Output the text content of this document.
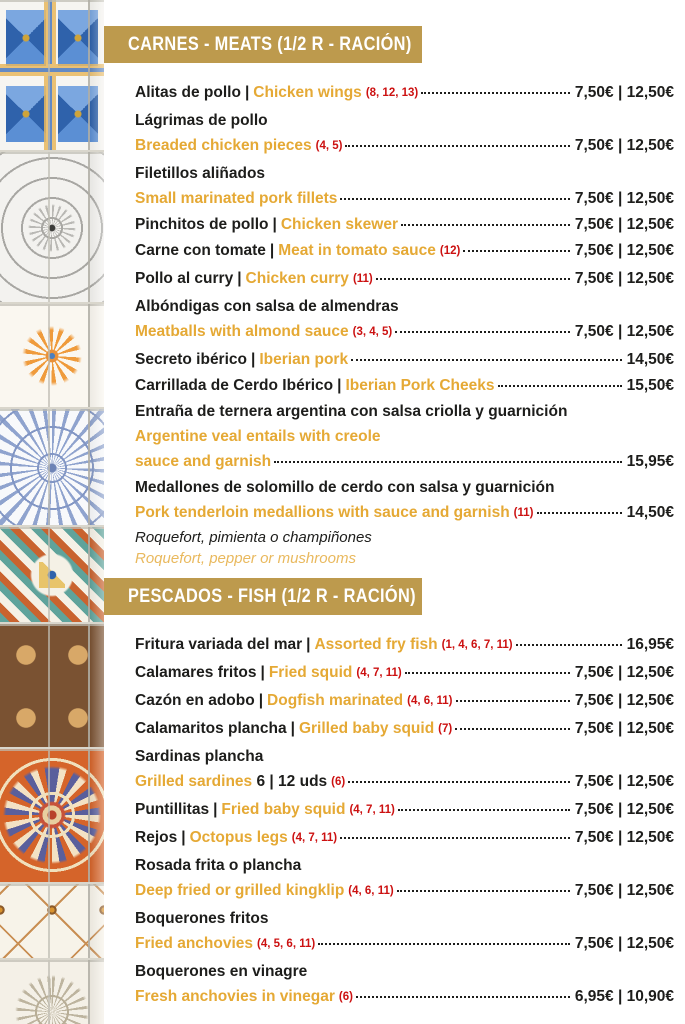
CARNES - MEATS (1/2 R - RACIÓN)
Alitas de pollo | Chicken wings (8, 12, 13)	7,50€ | 12,50€
Lágrimas de pollo
Breaded chicken pieces (4, 5)	7,50€ | 12,50€
Filetillos aliñados
Small marinated pork fillets	7,50€ | 12,50€
Pinchitos de pollo | Chicken skewer	7,50€ | 12,50€
Carne con tomate | Meat in tomato sauce (12)	7,50€ | 12,50€
Pollo al curry | Chicken curry (11)	7,50€ | 12,50€
Albóndigas con salsa de almendras
Meatballs with almond sauce (3, 4, 5)	7,50€ | 12,50€
Secreto ibérico | Iberian pork	14,50€
Carrillada de Cerdo Ibérico | Iberian Pork Cheeks	15,50€
Entraña de ternera argentina con salsa criolla y guarnición
Argentine veal entails with creole
sauce and garnish	15,95€
Medallones de solomillo de cerdo con salsa y guarnición
Pork tenderloin medallions with sauce and garnish (11)	14,50€
Roquefort, pimienta o champiñones
Roquefort, pepper or mushrooms
PESCADOS - FISH (1/2 R - RACIÓN)
Fritura variada del mar | Assorted fry fish (1, 4, 6, 7, 11)	16,95€
Calamares fritos | Fried squid (4, 7, 11)	7,50€ | 12,50€
Cazón en adobo | Dogfish marinated (4, 6, 11)	7,50€ | 12,50€
Calamaritos plancha | Grilled baby squid (7)	7,50€ | 12,50€
Sardinas plancha
Grilled sardines 6 | 12 uds (6)	7,50€ | 12,50€
Puntillitas | Fried baby squid (4, 7, 11)	7,50€ | 12,50€
Rejos | Octopus legs (4, 7, 11)	7,50€ | 12,50€
Rosada frita o plancha
Deep fried or grilled kingklip (4, 6, 11)	7,50€ | 12,50€
Boquerones fritos
Fried anchovies (4, 5, 6, 11)	7,50€ | 12,50€
Boquerones en vinagre
Fresh anchovies in vinegar (6)	6,95€ | 10,90€
